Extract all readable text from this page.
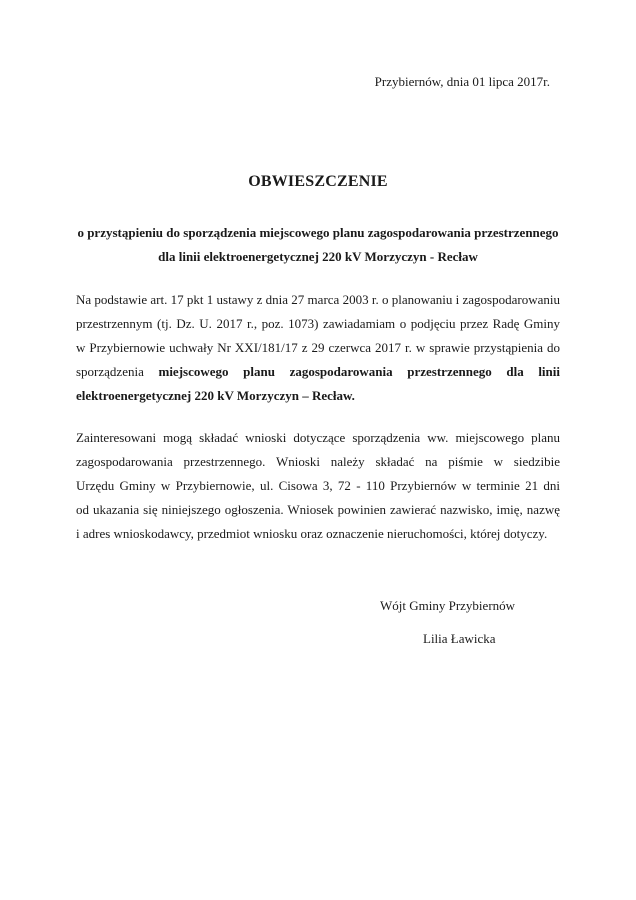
Przybiernów, dnia 01 lipca 2017r.
OBWIESZCZENIE
o przystąpieniu do sporządzenia miejscowego planu zagospodarowania przestrzennego
dla linii elektroenergetycznej 220 kV Morzyczyn - Recław
Na podstawie art. 17 pkt 1 ustawy z dnia 27 marca 2003 r. o planowaniu i zagospodarowaniu
przestrzennym (tj. Dz. U. 2017 r., poz. 1073) zawiadamiam o podjęciu przez Radę Gminy
w Przybiernowie uchwały Nr XXI/181/17 z 29 czerwca 2017 r. w sprawie przystąpienia do
sporządzenia miejscowego planu zagospodarowania przestrzennego dla linii
elektroenergetycznej 220 kV Morzyczyn – Recław.
Zainteresowani mogą składać wnioski dotyczące sporządzenia ww. miejscowego planu
zagospodarowania przestrzennego. Wnioski należy składać na piśmie w siedzibie
Urzędu Gminy w Przybiernowie, ul. Cisowa 3, 72 - 110 Przybiernów w terminie 21 dni
od ukazania się niniejszego ogłoszenia. Wniosek powinien zawierać nazwisko, imię, nazwę
i adres wnioskodawcy, przedmiot wniosku oraz oznaczenie nieruchomości, której dotyczy.
Wójt Gminy Przybiernów
Lilia Ławicka
